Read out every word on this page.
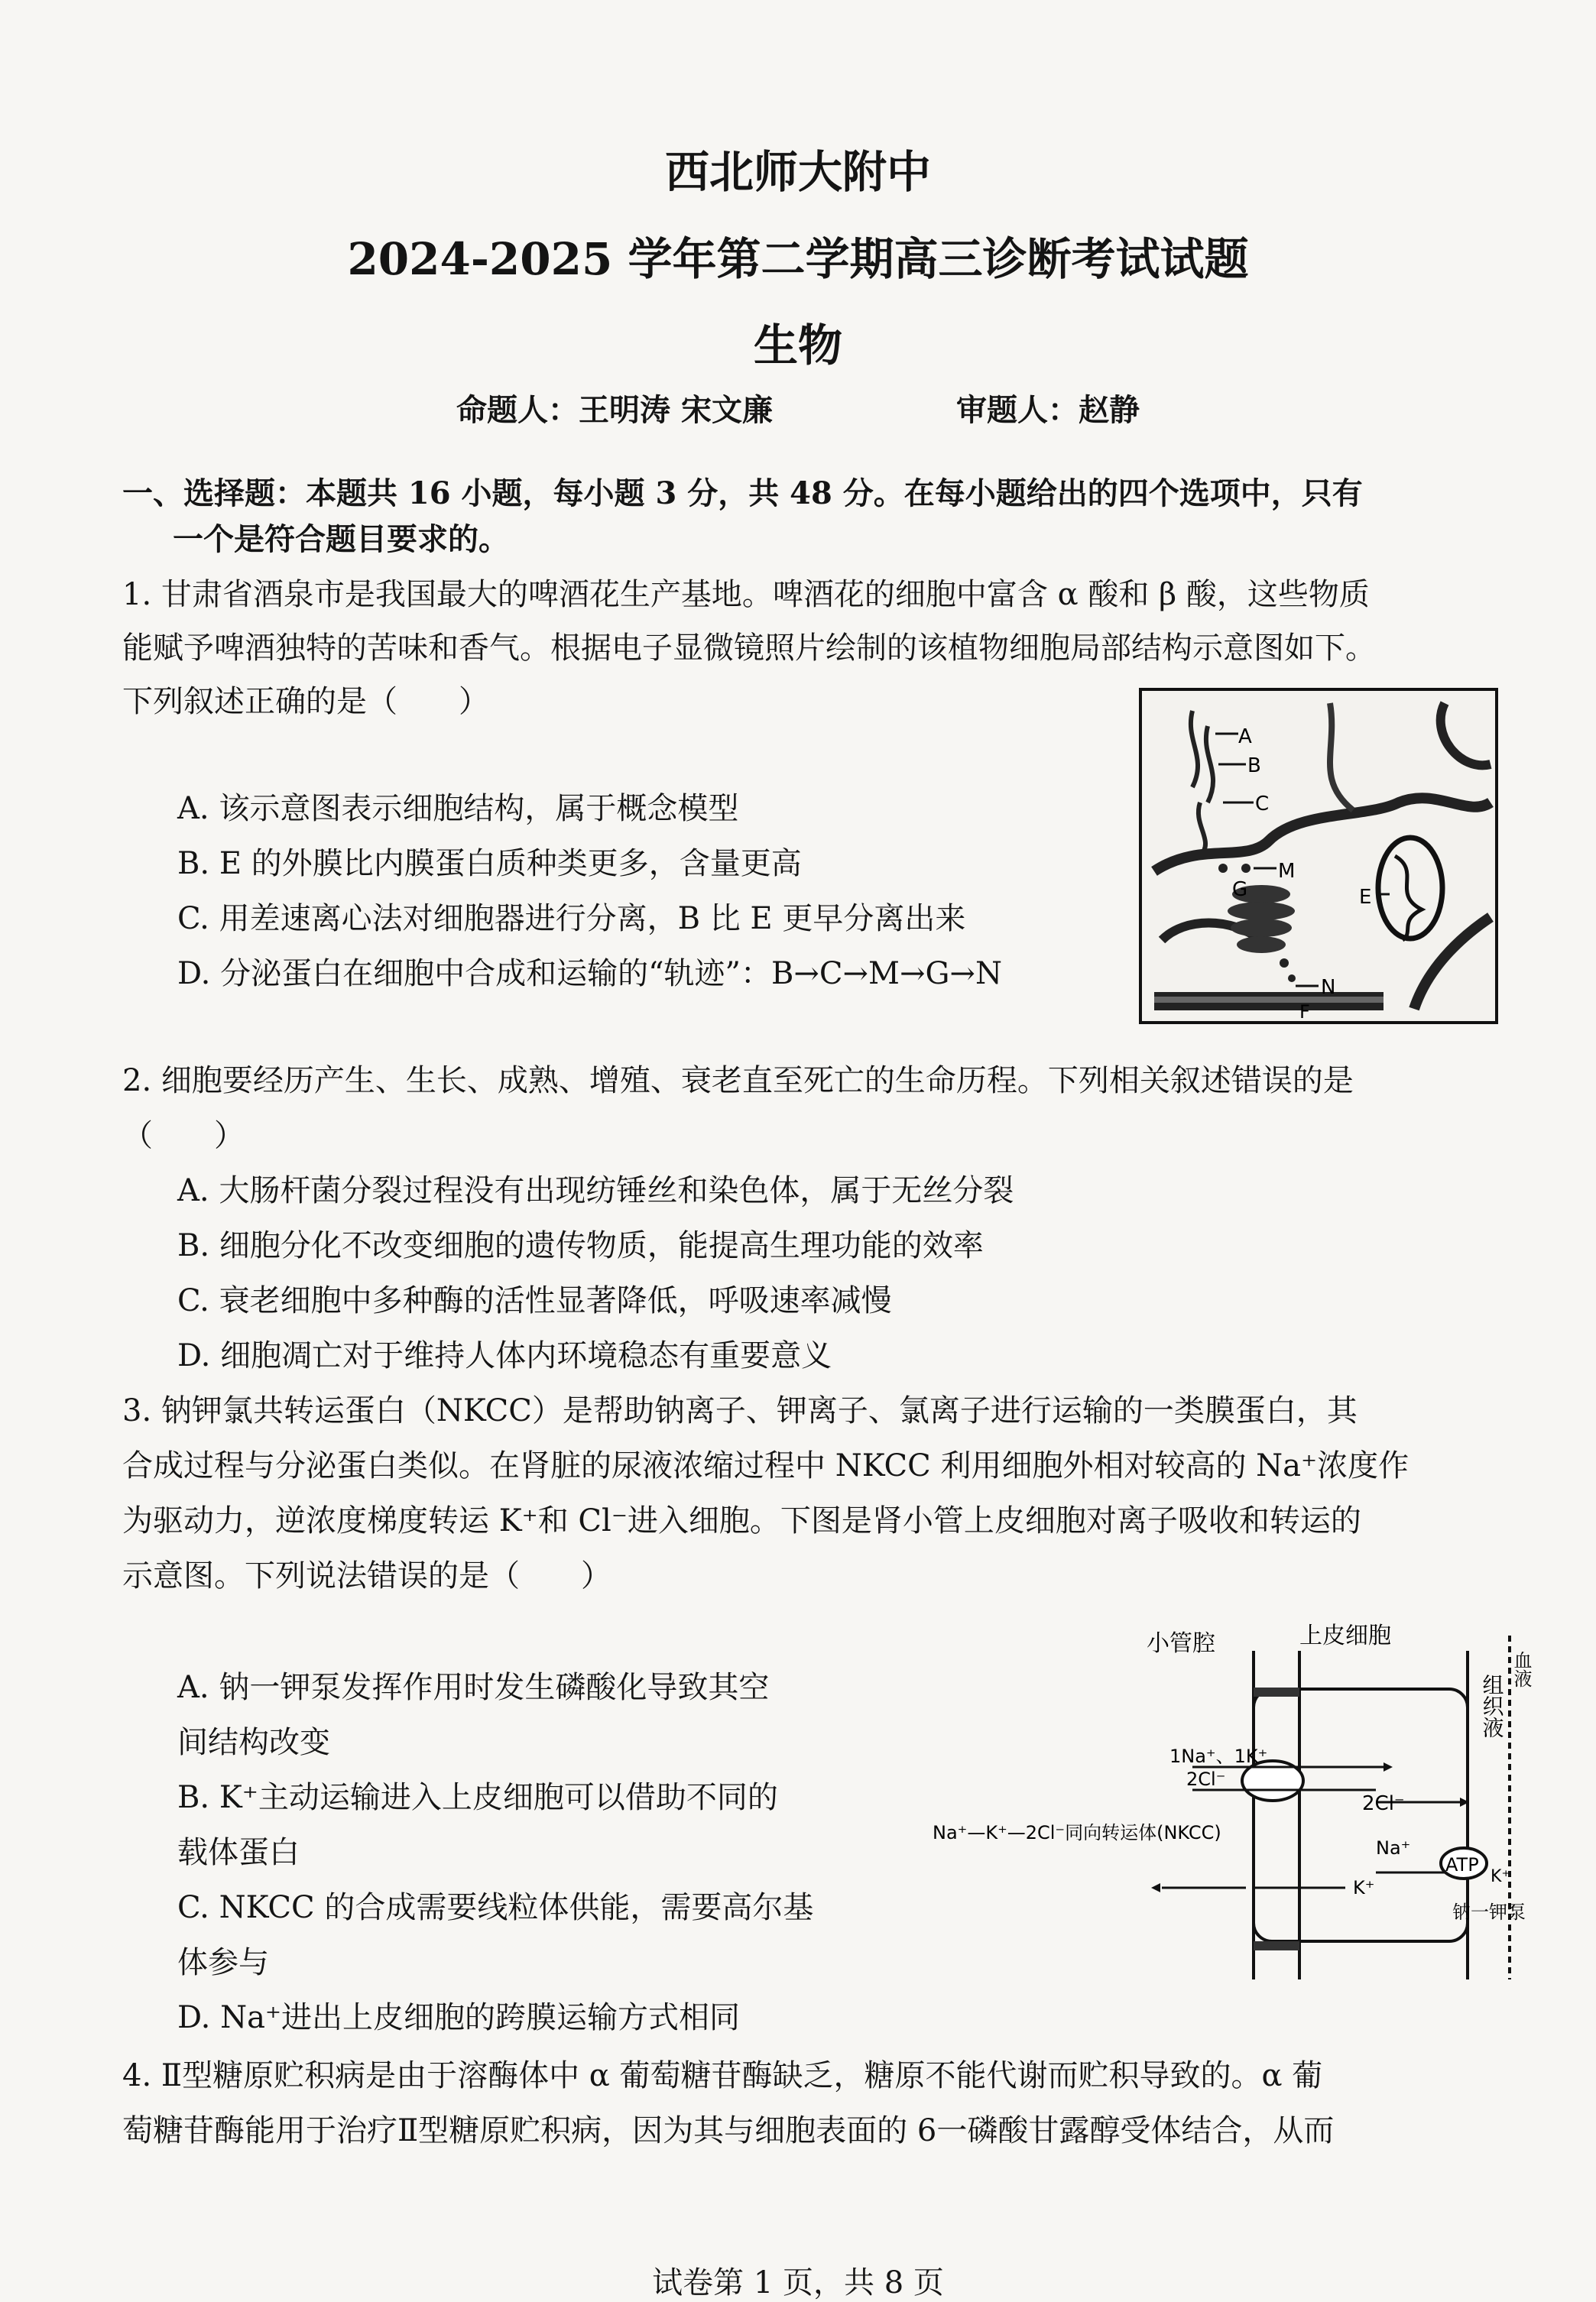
西北师大附中
2024-2025 学年第二学期高三诊断考试试题
生物
命题人：王明涛 宋文廉	审题人：赵静
一、选择题：本题共 16 小题，每小题 3 分，共 48 分。在每小题给出的四个选项中，只有
一个是符合题目要求的。
1. 甘肃省酒泉市是我国最大的啤酒花生产基地。啤酒花的细胞中富含 α 酸和 β 酸，这些物质
能赋予啤酒独特的苦味和香气。根据电子显微镜照片绘制的该植物细胞局部结构示意图如下。
下列叙述正确的是（　　）
A. 该示意图表示细胞结构，属于概念模型
B. E 的外膜比内膜蛋白质种类更多，含量更高
C. 用差速离心法对细胞器进行分离，B 比 E 更早分离出来
D. 分泌蛋白在细胞中合成和运输的“轨迹”：B→C→M→G→N
A
B
C
M
G	E
N
F
2. 细胞要经历产生、生长、成熟、增殖、衰老直至死亡的生命历程。下列相关叙述错误的是
（　　）
A. 大肠杆菌分裂过程没有出现纺锤丝和染色体，属于无丝分裂
B. 细胞分化不改变细胞的遗传物质，能提高生理功能的效率
C. 衰老细胞中多种酶的活性显著降低，呼吸速率减慢
D. 细胞凋亡对于维持人体内环境稳态有重要意义
3. 钠钾氯共转运蛋白（NKCC）是帮助钠离子、钾离子、氯离子进行运输的一类膜蛋白，其
合成过程与分泌蛋白类似。在肾脏的尿液浓缩过程中 NKCC 利用细胞外相对较高的 Na⁺浓度作
为驱动力，逆浓度梯度转运 K⁺和 Cl⁻进入细胞。下图是肾小管上皮细胞对离子吸收和转运的
示意图。下列说法错误的是（　　）
A. 钠一钾泵发挥作用时发生磷酸化导致其空
间结构改变
B. K⁺主动运输进入上皮细胞可以借助不同的
载体蛋白
C. NKCC 的合成需要线粒体供能，需要高尔基
体参与
D. Na⁺进出上皮细胞的跨膜运输方式相同
小管腔	上皮细胞
组织液
血液
ATP
1Na⁺、1K⁺
2Cl⁻
2Cl⁻
Na⁺—K⁺—2Cl⁻同向转运体(NKCC)
Na⁺
K⁺
K⁺
钠一钾泵
4. Ⅱ型糖原贮积病是由于溶酶体中 α 葡萄糖苷酶缺乏，糖原不能代谢而贮积导致的。α 葡
萄糖苷酶能用于治疗Ⅱ型糖原贮积病，因为其与细胞表面的 6一磷酸甘露醇受体结合，从而
试卷第 1 页，共 8 页
